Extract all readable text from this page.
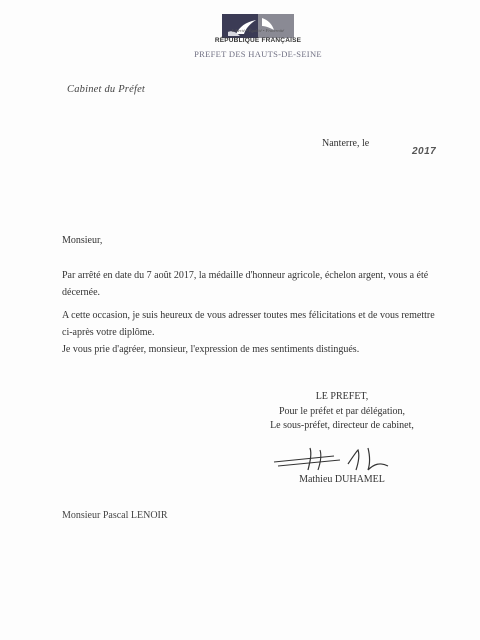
Liberté • Égalité • Fraternité
RÉPUBLIQUE FRANÇAISE
PREFET DES HAUTS-DE-SEINE
Cabinet du Préfet
Nanterre, le
2017
Monsieur,
Par arrêté en date du 7 août 2017, la médaille d'honneur agricole, échelon argent, vous a été
décernée.
A cette occasion, je suis heureux de vous adresser toutes mes félicitations et de vous remettre
ci-après votre diplôme.
Je vous prie d'agréer, monsieur, l'expression de mes sentiments distingués.
LE PREFET,
Pour le préfet et par délégation,
Le sous-préfet, directeur de cabinet,
Mathieu DUHAMEL
Monsieur Pascal LENOIR
